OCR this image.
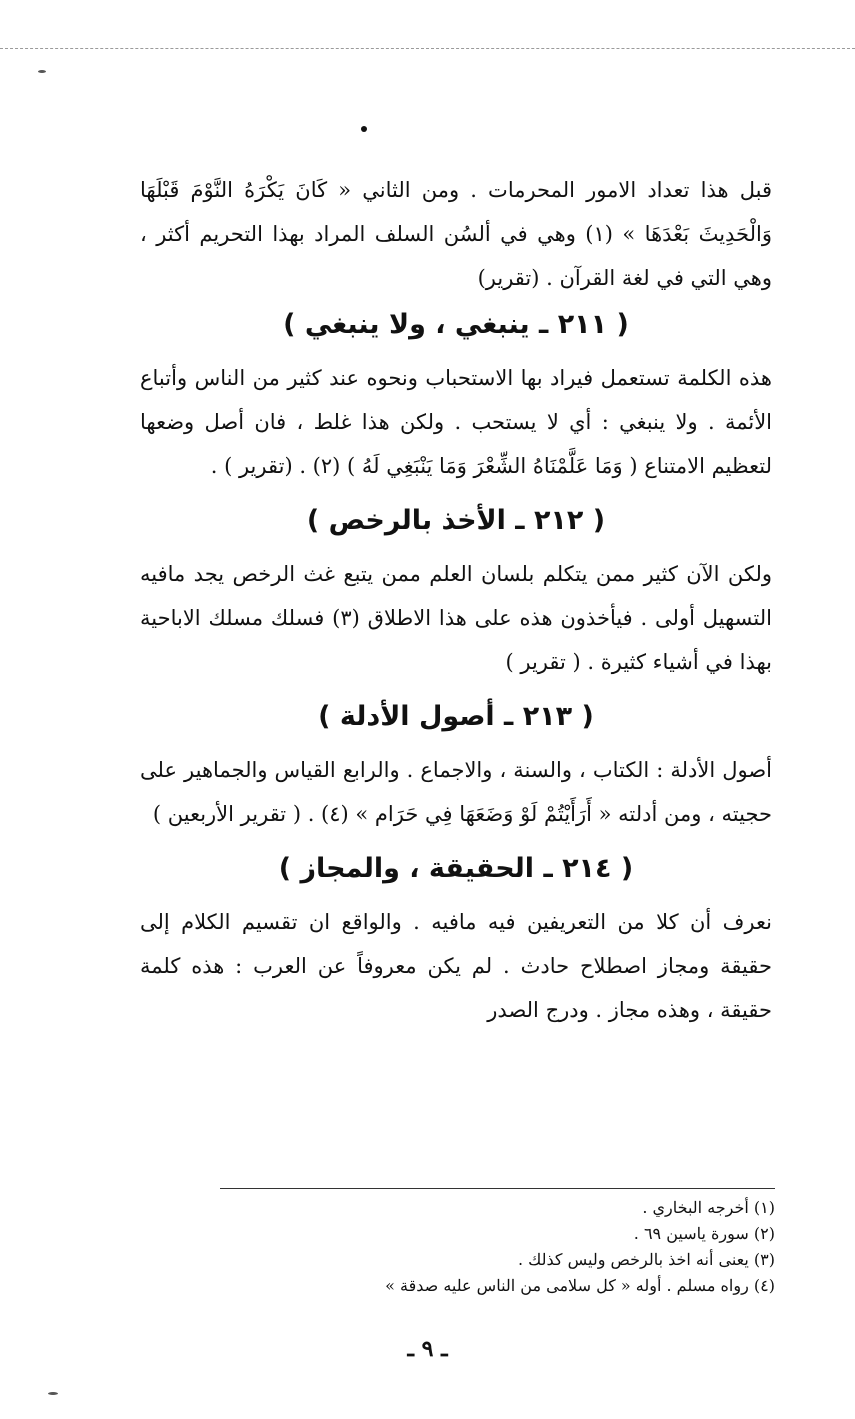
قبل هذا تعداد الامور المحرمات . ومن الثاني « كَانَ يَكْرَهُ النَّوْمَ قَبْلَهَا وَالْحَدِيثَ بَعْدَهَا » (١) وهي في ألسُن السلف المراد بهذا التحريم أكثر ، وهي التي في لغة القرآن . (تقرير)

( ٢١١ ـ ينبغي ، ولا ينبغي )

هذه الكلمة تستعمل فيراد بها الاستحباب ونحوه عند كثير من الناس وأتباع الأئمة . ولا ينبغي : أي لا يستحب . ولكن هذا غلط ، فان أصل وضعها لتعظيم الامتناع ( وَمَا عَلَّمْنَاهُ الشِّعْرَ وَمَا يَنْبَغِي لَهُ ) (٢) . (تقرير ) .

( ٢١٢ ـ الأخذ بالرخص )

ولكن الآن كثير ممن يتكلم بلسان العلم ممن يتبع غث الرخص يجد مافيه التسهيل أولى . فيأخذون هذه على هذا الاطلاق (٣) فسلك مسلك الاباحية بهذا في أشياء كثيرة . ( تقرير )

( ٢١٣ ـ أصول الأدلة )

أصول الأدلة : الكتاب ، والسنة ، والاجماع . والرابع القياس والجماهير على حجيته ، ومن أدلته « أَرَأَيْتُمْ لَوْ وَضَعَهَا فِي حَرَام » (٤) . ( تقرير الأربعين )

( ٢١٤ ـ الحقيقة ، والمجاز )

نعرف أن كلا من التعريفين فيه مافيه . والواقع ان تقسيم الكلام إلى حقيقة ومجاز اصطلاح حادث . لم يكن معروفاً عن العرب : هذه كلمة حقيقة ، وهذه مجاز . ودرج الصدر

(١) أخرجه البخاري .

(٢) سورة ياسين ٦٩ .

(٣) يعنى أنه اخذ بالرخص وليس كذلك .

(٤) رواه مسلم . أوله « كل سلامى من الناس عليه صدقة »

ـ ٩ ـ
